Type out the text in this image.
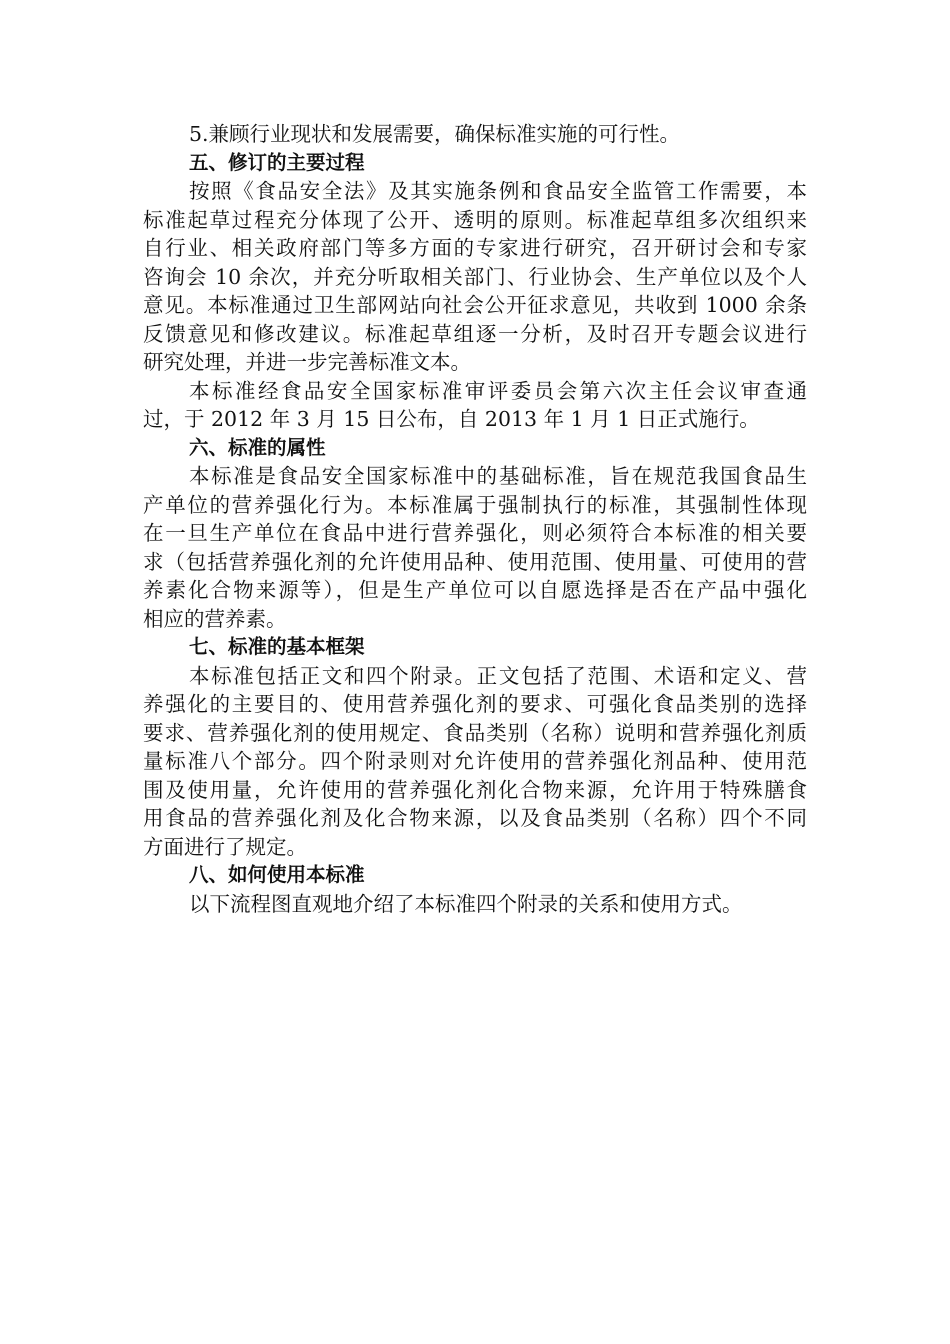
5.兼顾行业现状和发展需要，确保标准实施的可行性。
五、修订的主要过程
按照《食品安全法》及其实施条例和食品安全监管工作需要，本
标准起草过程充分体现了公开、透明的原则。标准起草组多次组织来
自行业、相关政府部门等多方面的专家进行研究，召开研讨会和专家
咨询会 10 余次，并充分听取相关部门、行业协会、生产单位以及个人
意见。本标准通过卫生部网站向社会公开征求意见，共收到 1000 余条
反馈意见和修改建议。标准起草组逐一分析，及时召开专题会议进行
研究处理，并进一步完善标准文本。
本标准经食品安全国家标准审评委员会第六次主任会议审查通
过，于 2012 年 3 月 15 日公布，自 2013 年 1 月 1 日正式施行。
六、标准的属性
本标准是食品安全国家标准中的基础标准，旨在规范我国食品生
产单位的营养强化行为。本标准属于强制执行的标准，其强制性体现
在一旦生产单位在食品中进行营养强化，则必须符合本标准的相关要
求（包括营养强化剂的允许使用品种、使用范围、使用量、可使用的营
养素化合物来源等），但是生产单位可以自愿选择是否在产品中强化
相应的营养素。
七、标准的基本框架
本标准包括正文和四个附录。正文包括了范围、术语和定义、营
养强化的主要目的、使用营养强化剂的要求、可强化食品类别的选择
要求、营养强化剂的使用规定、食品类别（名称）说明和营养强化剂质
量标准八个部分。四个附录则对允许使用的营养强化剂品种、使用范
围及使用量，允许使用的营养强化剂化合物来源，允许用于特殊膳食
用食品的营养强化剂及化合物来源，以及食品类别（名称）四个不同
方面进行了规定。
八、如何使用本标准
以下流程图直观地介绍了本标准四个附录的关系和使用方式。
